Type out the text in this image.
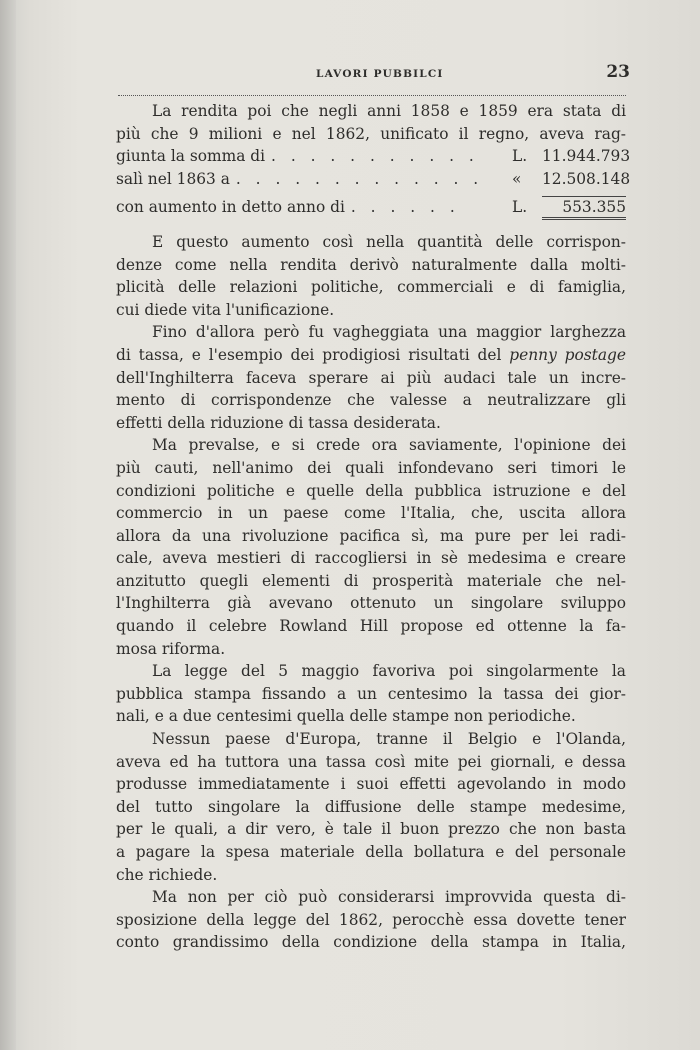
LAVORI PUBBILCI	23
La rendita poi che negli anni 1858 e 1859 era stata di
più che 9 milioni e nel 1862, unificato il regno, aveva rag-
giunta la somma di . . . . . . . . . . .	L. 11.944.793
salì nel 1863 a . . . . . . . . . . . . .	«	12.508.148
con aumento in detto anno di . . . . . .	L.	553.355
E questo aumento così nella quantità delle corrispon-
denze come nella rendita derivò naturalmente dalla molti-
plicità delle relazioni politiche, commerciali e di famiglia,
cui diede vita l'unificazione.
Fino d'allora però fu vagheggiata una maggior larghezza
di tassa, e l'esempio dei prodigiosi risultati del penny postage
dell'Inghilterra faceva sperare ai più audaci tale un incre-
mento di corrispondenze che valesse a neutralizzare gli
effetti della riduzione di tassa desiderata.
Ma prevalse, e si crede ora saviamente, l'opinione dei
più cauti, nell'animo dei quali infondevano seri timori le
condizioni politiche e quelle della pubblica istruzione e del
commercio in un paese come l'Italia, che, uscita allora
allora da una rivoluzione pacifica sì, ma pure per lei radi-
cale, aveva mestieri di raccogliersi in sè medesima e creare
anzitutto quegli elementi di prosperità materiale che nel-
l'Inghilterra già avevano ottenuto un singolare sviluppo
quando il celebre Rowland Hill propose ed ottenne la fa-
mosa riforma.
La legge del 5 maggio favoriva poi singolarmente la
pubblica stampa fissando a un centesimo la tassa dei gior-
nali, e a due centesimi quella delle stampe non periodiche.
Nessun paese d'Europa, tranne il Belgio e l'Olanda,
aveva ed ha tuttora una tassa così mite pei giornali, e dessa
produsse immediatamente i suoi effetti agevolando in modo
del tutto singolare la diffusione delle stampe medesime,
per le quali, a dir vero, è tale il buon prezzo che non basta
a pagare la spesa materiale della bollatura e del personale
che richiede.
Ma non per ciò può considerarsi improvvida questa di-
sposizione della legge del 1862, perocchè essa dovette tener
conto grandissimo della condizione della stampa in Italia,
